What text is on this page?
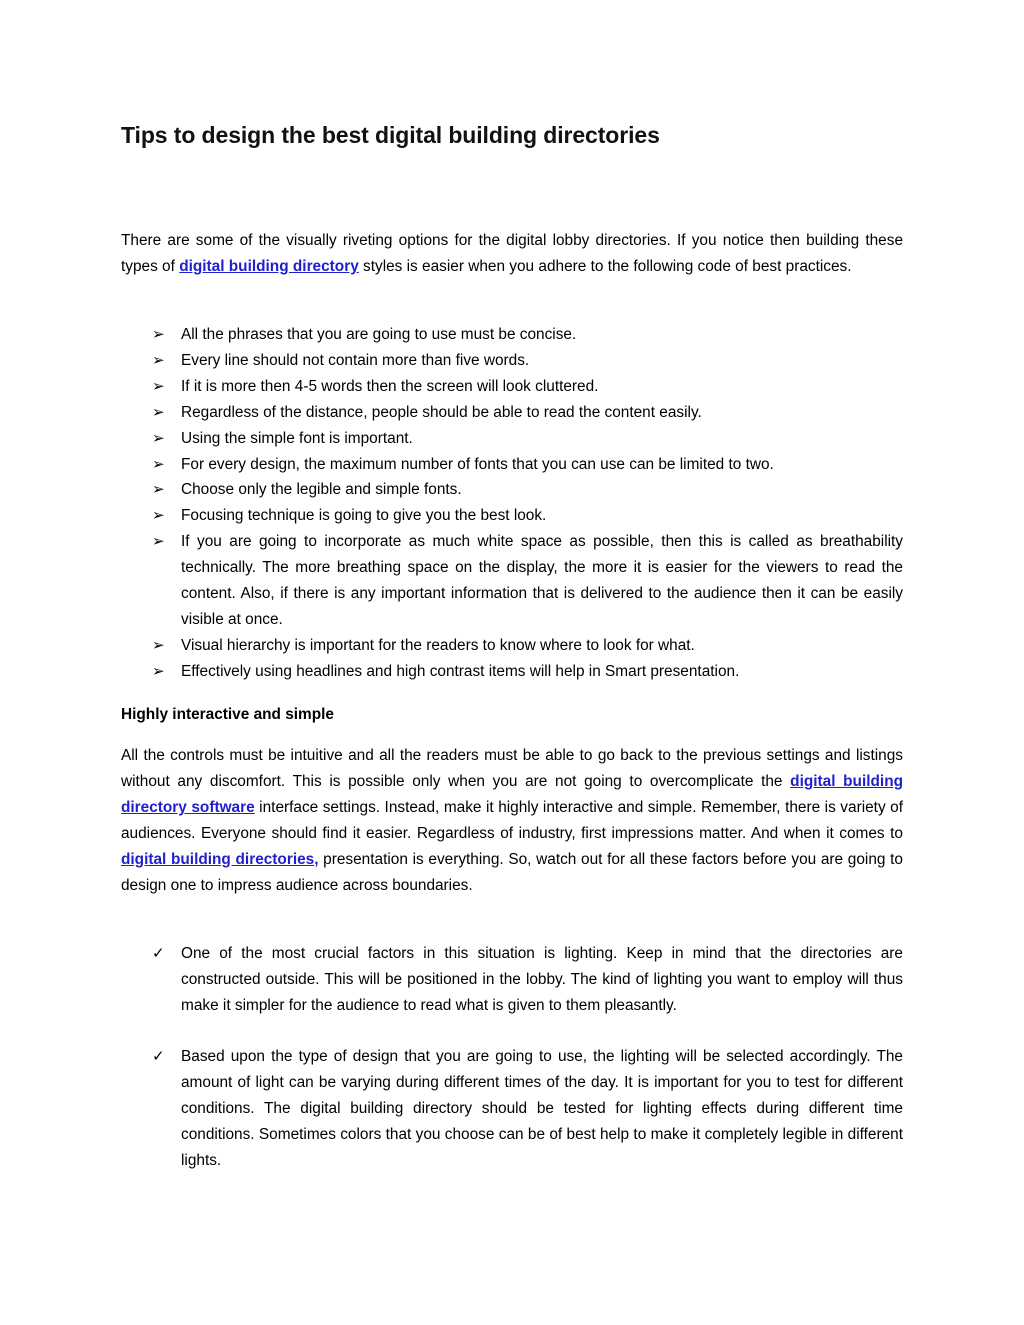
Tips to design the best digital building directories

There are some of the visually riveting options for the digital lobby directories. If you notice then building these types of digital building directory styles is easier when you adhere to the following code of best practices.

➢	All the phrases that you are going to use must be concise.
➢	Every line should not contain more than five words.
➢	If it is more then 4-5 words then the screen will look cluttered.
➢	Regardless of the distance, people should be able to read the content easily.
➢	Using the simple font is important.
➢	For every design, the maximum number of fonts that you can use can be limited to two.
➢	Choose only the legible and simple fonts.
➢	Focusing technique is going to give you the best look.
➢	If you are going to incorporate as much white space as possible, then this is called as breathability technically. The more breathing space on the display, the more it is easier for the viewers to read the content. Also, if there is any important information that is delivered to the audience then it can be easily visible at once.
➢	Visual hierarchy is important for the readers to know where to look for what.
➢	Effectively using headlines and high contrast items will help in Smart presentation.
Highly interactive and simple

All the controls must be intuitive and all the readers must be able to go back to the previous settings and listings without any discomfort. This is possible only when you are not going to overcomplicate the digital building directory software interface settings. Instead, make it highly interactive and simple. Remember, there is variety of audiences. Everyone should find it easier. Regardless of industry, first impressions matter. And when it comes to digital building directories, presentation is everything. So, watch out for all these factors before you are going to design one to impress audience across boundaries.

✓	One of the most crucial factors in this situation is lighting. Keep in mind that the directories are constructed outside. This will be positioned in the lobby. The kind of lighting you want to employ will thus make it simpler for the audience to read what is given to them pleasantly.
✓	Based upon the type of design that you are going to use, the lighting will be selected accordingly. The amount of light can be varying during different times of the day. It is important for you to test for different conditions. The digital building directory should be tested for lighting effects during different time conditions. Sometimes colors that you choose can be of best help to make it completely legible in different lights.
